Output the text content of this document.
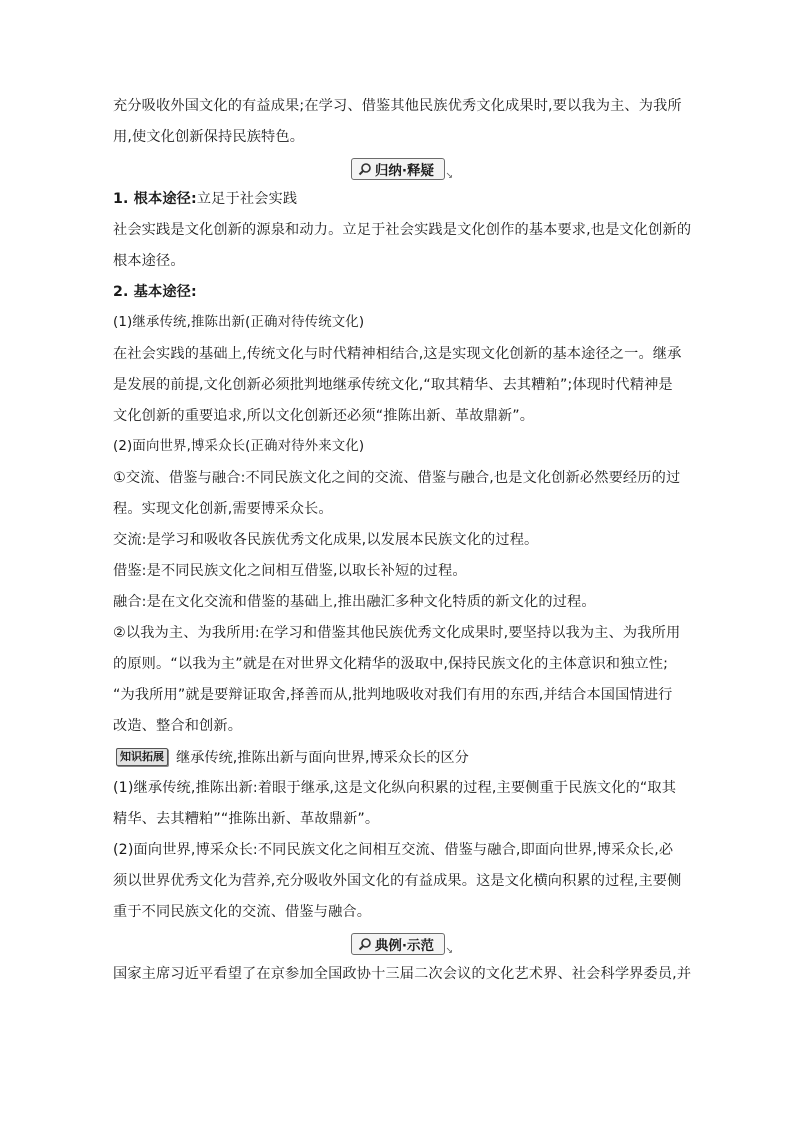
充分吸收外国文化的有益成果;在学习、借鉴其他民族优秀文化成果时,要以我为主、为我所
用,使文化创新保持民族特色。
归纳·释疑 ↘
1. 根本途径:立足于社会实践
社会实践是文化创新的源泉和动力。立足于社会实践是文化创作的基本要求,也是文化创新的
根本途径。
2. 基本途径:
(1)继承传统,推陈出新(正确对待传统文化)
在社会实践的基础上,传统文化与时代精神相结合,这是实现文化创新的基本途径之一。继承
是发展的前提,文化创新必须批判地继承传统文化,“取其精华、去其糟粕”;体现时代精神是
文化创新的重要追求,所以文化创新还必须“推陈出新、革故鼎新”。
(2)面向世界,博采众长(正确对待外来文化)
①交流、借鉴与融合:不同民族文化之间的交流、借鉴与融合,也是文化创新必然要经历的过
程。实现文化创新,需要博采众长。
交流:是学习和吸收各民族优秀文化成果,以发展本民族文化的过程。
借鉴:是不同民族文化之间相互借鉴,以取长补短的过程。
融合:是在文化交流和借鉴的基础上,推出融汇多种文化特质的新文化的过程。
②以我为主、为我所用:在学习和借鉴其他民族优秀文化成果时,要坚持以我为主、为我所用
的原则。“以我为主”就是在对世界文化精华的汲取中,保持民族文化的主体意识和独立性;
“为我所用”就是要辩证取舍,择善而从,批判地吸收对我们有用的东西,并结合本国国情进行
改造、整合和创新。
知识拓展 继承传统,推陈出新与面向世界,博采众长的区分
(1)继承传统,推陈出新:着眼于继承,这是文化纵向积累的过程,主要侧重于民族文化的“取其
精华、去其糟粕”“推陈出新、革故鼎新”。
(2)面向世界,博采众长:不同民族文化之间相互交流、借鉴与融合,即面向世界,博采众长,必
须以世界优秀文化为营养,充分吸收外国文化的有益成果。这是文化横向积累的过程,主要侧
重于不同民族文化的交流、借鉴与融合。
典例·示范 ↘
国家主席习近平看望了在京参加全国政协十三届二次会议的文化艺术界、社会科学界委员,并
